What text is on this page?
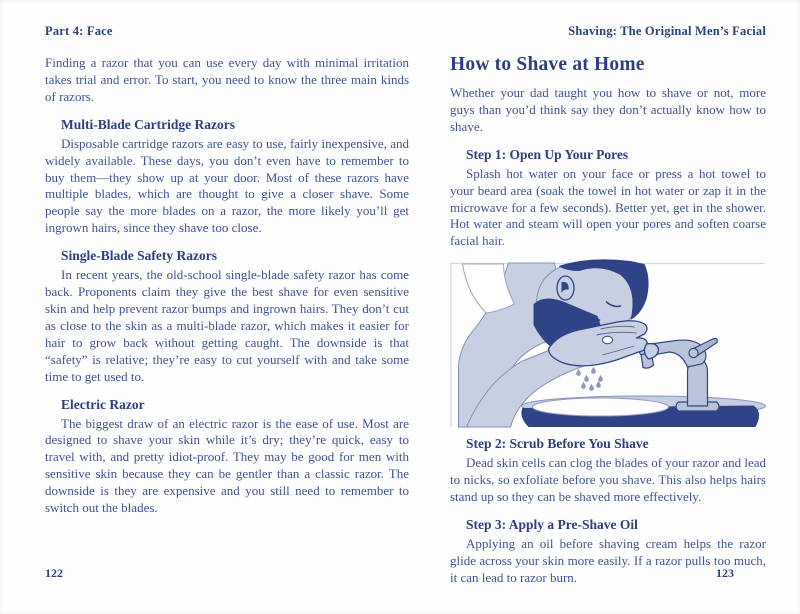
Part 4: Face

Finding a razor that you can use every day with minimal irritation takes trial and error. To start, you need to know the three main kinds of razors.

Multi-Blade Cartridge Razors

Disposable cartridge razors are easy to use, fairly inexpensive, and widely available. These days, you don’t even have to remember to buy them—they show up at your door. Most of these razors have multiple blades, which are thought to give a closer shave. Some people say the more blades on a razor, the more likely you’ll get ingrown hairs, since they shave too close.

Single-Blade Safety Razors

In recent years, the old-school single-blade safety razor has come back. Proponents claim they give the best shave for even sensitive skin and help prevent razor bumps and ingrown hairs. They don’t cut as close to the skin as a multi-blade razor, which makes it easier for hair to grow back without getting caught. The downside is that “safety” is relative; they’re easy to cut yourself with and take some time to get used to.

Electric Razor

The biggest draw of an electric razor is the ease of use. Most are designed to shave your skin while it’s dry; they’re quick, easy to travel with, and pretty idiot-proof. They may be good for men with sensitive skin because they can be gentler than a classic razor. The downside is they are expensive and you still need to remember to switch out the blades.

Shaving: The Original Men’s Facial

How to Shave at Home

Whether your dad taught you how to shave or not, more guys than you’d think say they don’t actually know how to shave.

Step 1: Open Up Your Pores

Splash hot water on your face or press a hot towel to your beard area (soak the towel in hot water or zap it in the microwave for a few seconds). Better yet, get in the shower. Hot water and steam will open your pores and soften coarse facial hair.

Step 2: Scrub Before You Shave

Dead skin cells can clog the blades of your razor and lead to nicks, so exfoliate before you shave. This also helps hairs stand up so they can be shaved more effectively.

Step 3: Apply a Pre-Shave Oil

Applying an oil before shaving cream helps the razor glide across your skin more easily. If a razor pulls too much, it can lead to razor burn.

122	123
